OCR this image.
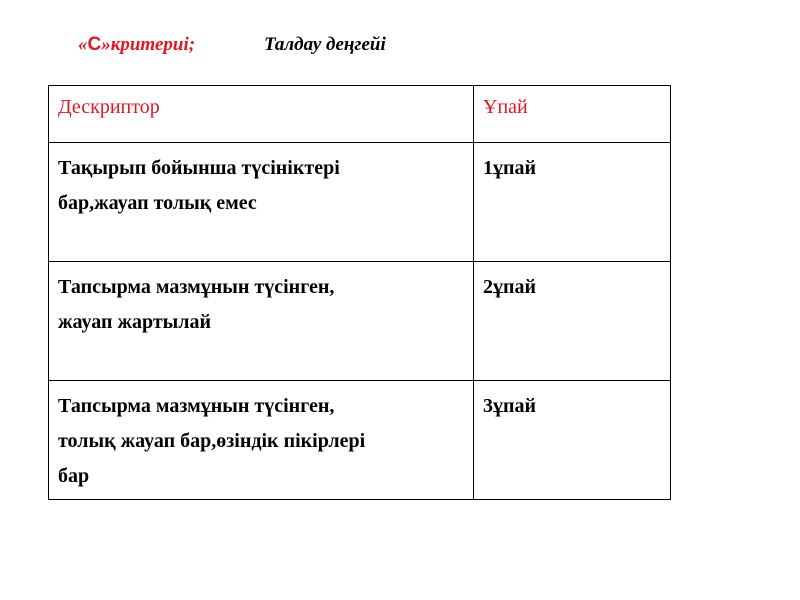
«С»критериі;	Талдау деңгейі
Дескриптор	Ұпай

Тақырып бойынша түсініктері
бар,жауап толық емес	1ұпай

Тапсырма мазмұнын түсінген,
жауап жартылай	2ұпай

Тапсырма мазмұнын түсінген,
толық жауап бар,өзіндік пікірлері
бар	3ұпай
